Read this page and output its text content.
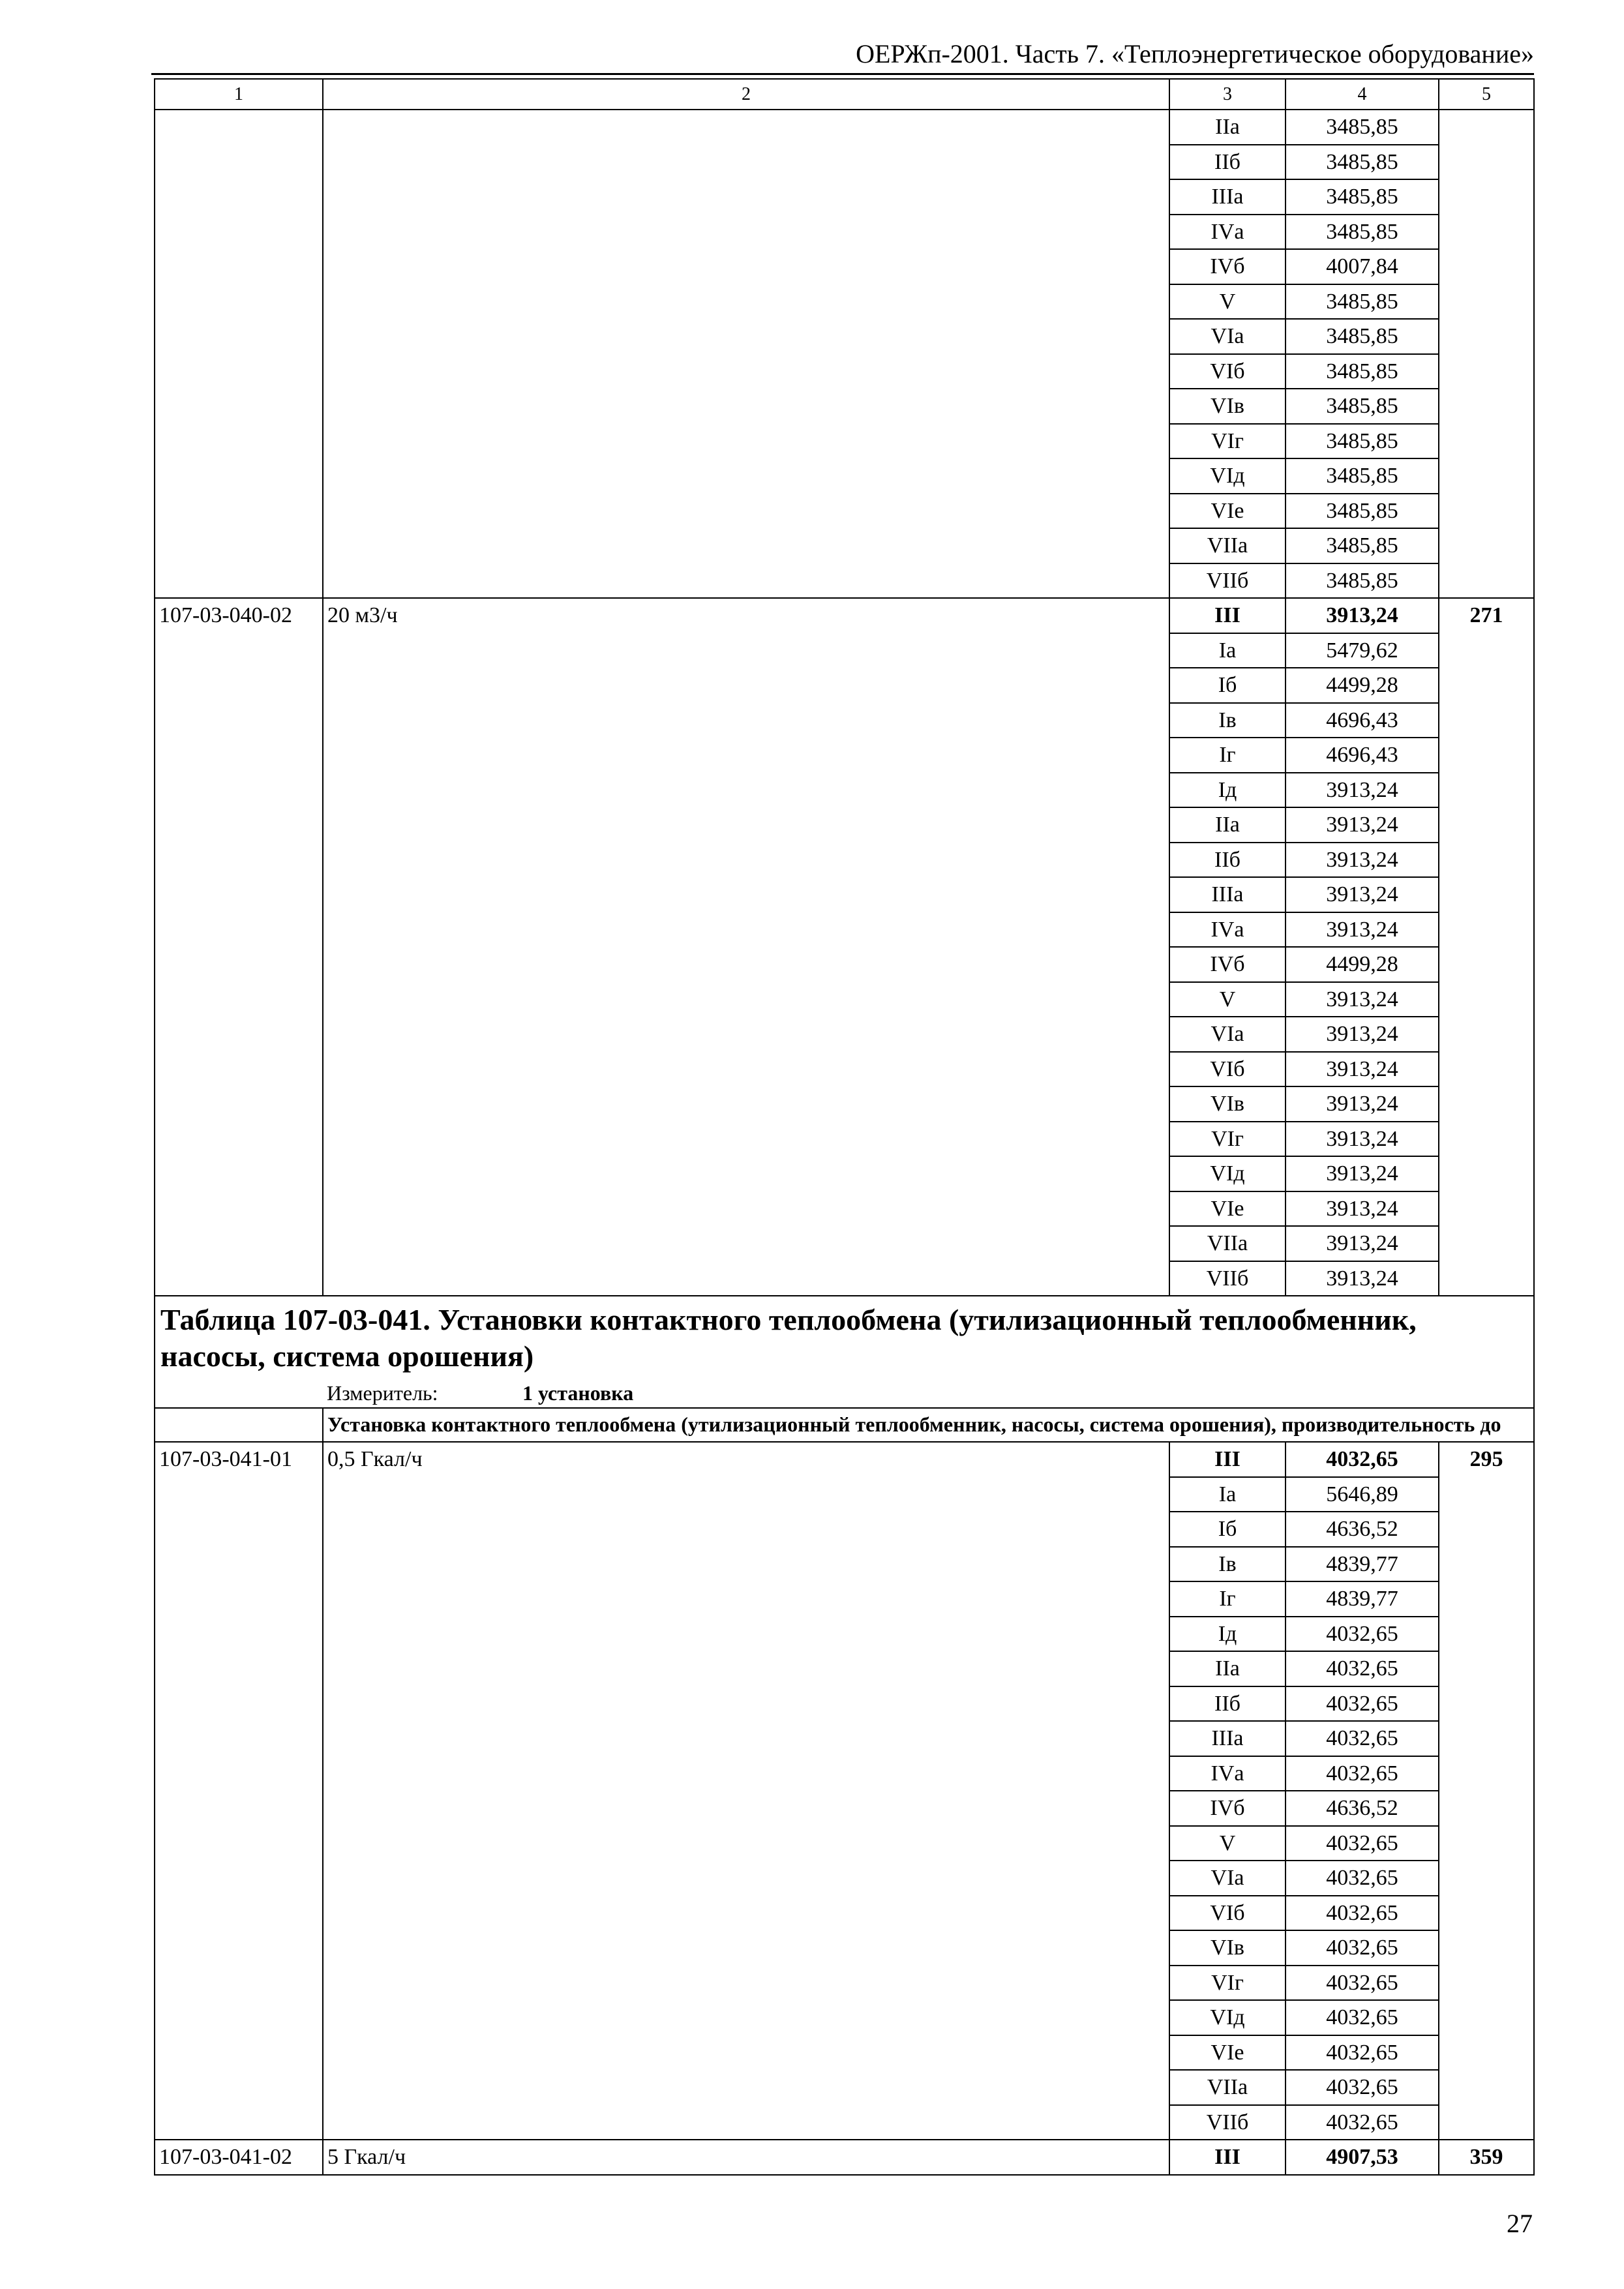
ОЕРЖп-2001. Часть 7. «Теплоэнергетическое оборудование»
1	2	3	4	5
		IIа	3485,85	
		IIб	3485,85	
		IIIа	3485,85	
		IVа	3485,85	
		IVб	4007,84	
		V	3485,85	
		VIа	3485,85	
		VIб	3485,85	
		VIв	3485,85	
		VIг	3485,85	
		VIд	3485,85	
		VIе	3485,85	
		VIIа	3485,85	
		VIIб	3485,85	
107-03-040-02	20 м3/ч	III	3913,24	271
		Iа	5479,62	
		Iб	4499,28	
		Iв	4696,43	
		Iг	4696,43	
		Iд	3913,24	
		IIа	3913,24	
		IIб	3913,24	
		IIIа	3913,24	
		IVа	3913,24	
		IVб	4499,28	
		V	3913,24	
		VIа	3913,24	
		VIб	3913,24	
		VIв	3913,24	
		VIг	3913,24	
		VIд	3913,24	
		VIе	3913,24	
		VIIа	3913,24	
		VIIб	3913,24	
Таблица 107-03-041. Установки контактного теплообмена (утилизационный теплообменник, насосы, система орошения)				
	Измеритель: 1 установка			
	Установка контактного теплообмена (утилизационный теплообменник, насосы, система орошения), производительность до			
107-03-041-01	0,5 Гкал/ч	III	4032,65	295
		Iа	5646,89	
		Iб	4636,52	
		Iв	4839,77	
		Iг	4839,77	
		Iд	4032,65	
		IIа	4032,65	
		IIб	4032,65	
		IIIа	4032,65	
		IVа	4032,65	
		IVб	4636,52	
		V	4032,65	
		VIа	4032,65	
		VIб	4032,65	
		VIв	4032,65	
		VIг	4032,65	
		VIд	4032,65	
		VIе	4032,65	
		VIIа	4032,65	
		VIIб	4032,65	
107-03-041-02	5 Гкал/ч	III	4907,53	359
27
